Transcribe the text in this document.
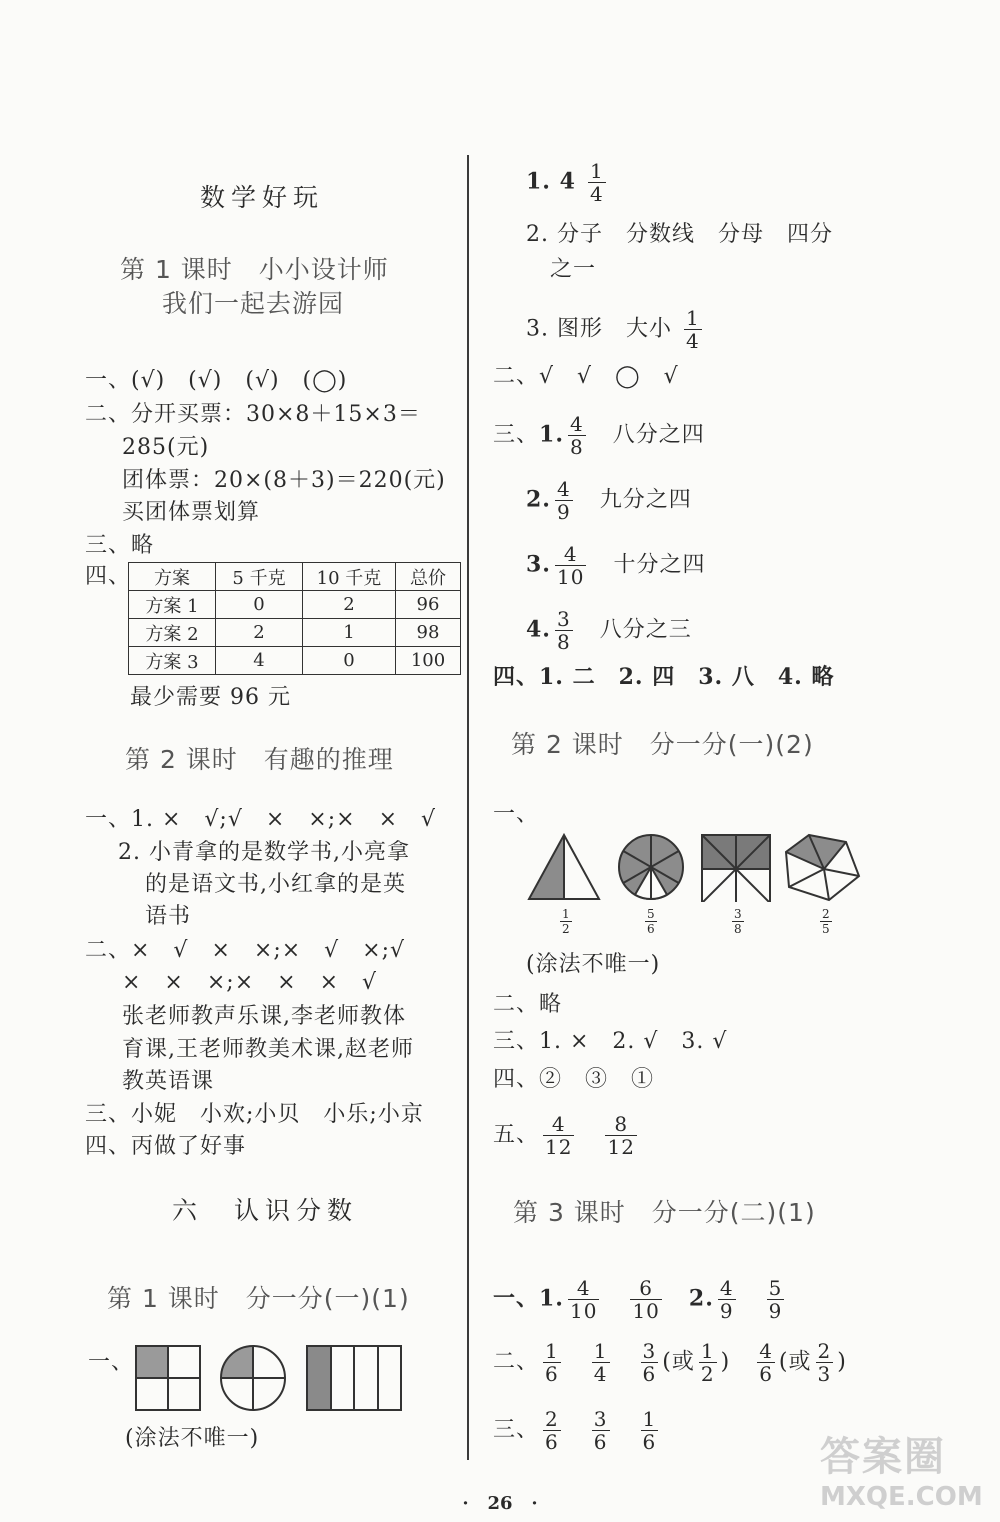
数学好玩
第 1 课时　小小设计师
我们一起去游园
一、(√)　(√)　(√)　(◯)
二、分开买票：30×8＋15×3＝
285(元)
团体票：20×(8＋3)＝220(元)
买团体票划算
三、略
四、 方案	5 千克	10 千克	总价
方案 1	0	2	96
方案 2	2	1	98
方案 3	4	0	100
最少需要 96 元
第 2 课时　有趣的推理
一、1. ×　√;√　×　×;×　×　√
2. 小青拿的是数学书,小亮拿
的是语文书,小红拿的是英
语书
二、×　√　×　×;×　√　×;√
×　×　×;×　×　×　√
张老师教声乐课,李老师教体
育课,王老师教美术课,赵老师
教英语课
三、小妮　小欢;小贝　小乐;小京
四、丙做了好事
六　认识分数
第 1 课时　分一分(一)(1)
一、
(涂法不唯一)
1. $4 \frac{1}{4}$
2. 分子　分数线　分母　四分
之一
3. 图形　大小 $\frac{1}{4}$
二、√　√　◯　√
三、1. $\frac{4}{8}$
　 八分之四
2. $\frac{4}{9}$
　 九分之四
3. $\frac{4}{10}$
　 十分之四
4. $\frac{3}{8}$
　 八分之三
四、1. 二　2. 四　3. 八　4. 略
第 2 课时　分一分(一)(2)
一、
$\frac{1}{2}$	$\frac{5}{6}$	$\frac{3}{8}$	$\frac{2}{5}$
(涂法不唯一)
二、略
三、1. ×　2. √　3. √
四、②　③　①
五、 $\frac{4}{12}$
　 $\frac{8}{12}$
第 3 课时　分一分(二)(1)
一、1. $\frac{4}{10}$
　 $\frac{6}{10}$
　 2. $\frac{4}{9}$
　 $\frac{5}{9}$
二、 $\frac{1}{6}$
　 $\frac{1}{4}$
　 $\frac{3}{6}$ (或 $\frac{1}{2}$ )　 $\frac{4}{6}$ (或 $\frac{2}{3}$ )
三、 $\frac{2}{6}$
　 $\frac{3}{6}$
　 $\frac{1}{6}$
· 26 ·
答案圈
MXQE.COM
